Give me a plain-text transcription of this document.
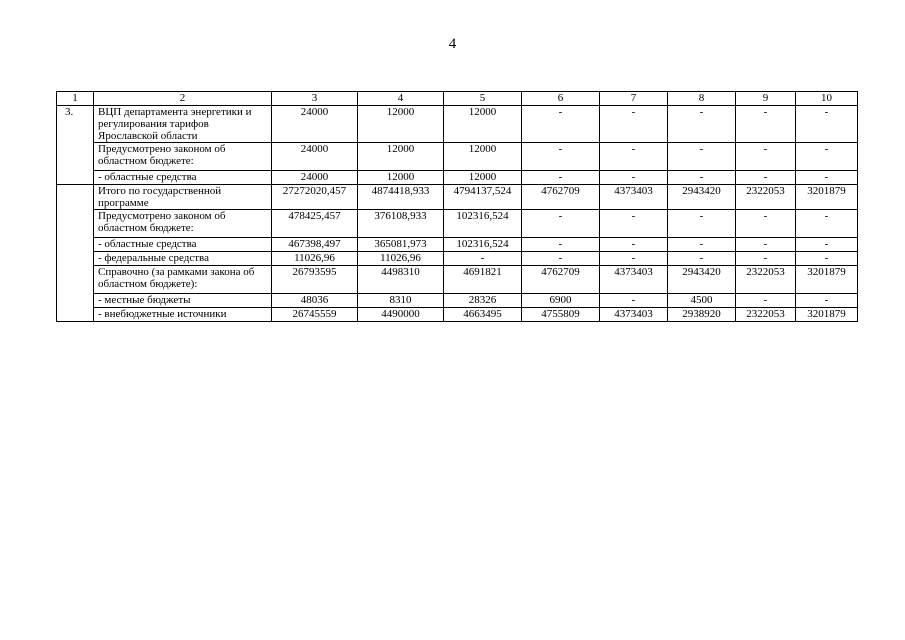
4
1	2	3	4	5	6	7	8	9	10
3.	ВЦП департамента энергетики и регулирования тарифов Ярославской области	24000	12000	12000	-	-	-	-	-
	Предусмотрено законом об областном бюджете:	24000	12000	12000	-	-	-	-	-
	- областные средства	24000	12000	12000	-	-	-	-	-
	Итого по государственной программе	27272020,457	4874418,933	4794137,524	4762709	4373403	2943420	2322053	3201879
	Предусмотрено законом об областном бюджете:	478425,457	376108,933	102316,524	-	-	-	-	-
	- областные средства	467398,497	365081,973	102316,524	-	-	-	-	-
	- федеральные средства	11026,96	11026,96	-	-	-	-	-	-
	Справочно (за рамками закона об областном бюджете):	26793595	4498310	4691821	4762709	4373403	2943420	2322053	3201879
	- местные бюджеты	48036	8310	28326	6900	-	4500	-	-
	- внебюджетные источники	26745559	4490000	4663495	4755809	4373403	2938920	2322053	3201879
